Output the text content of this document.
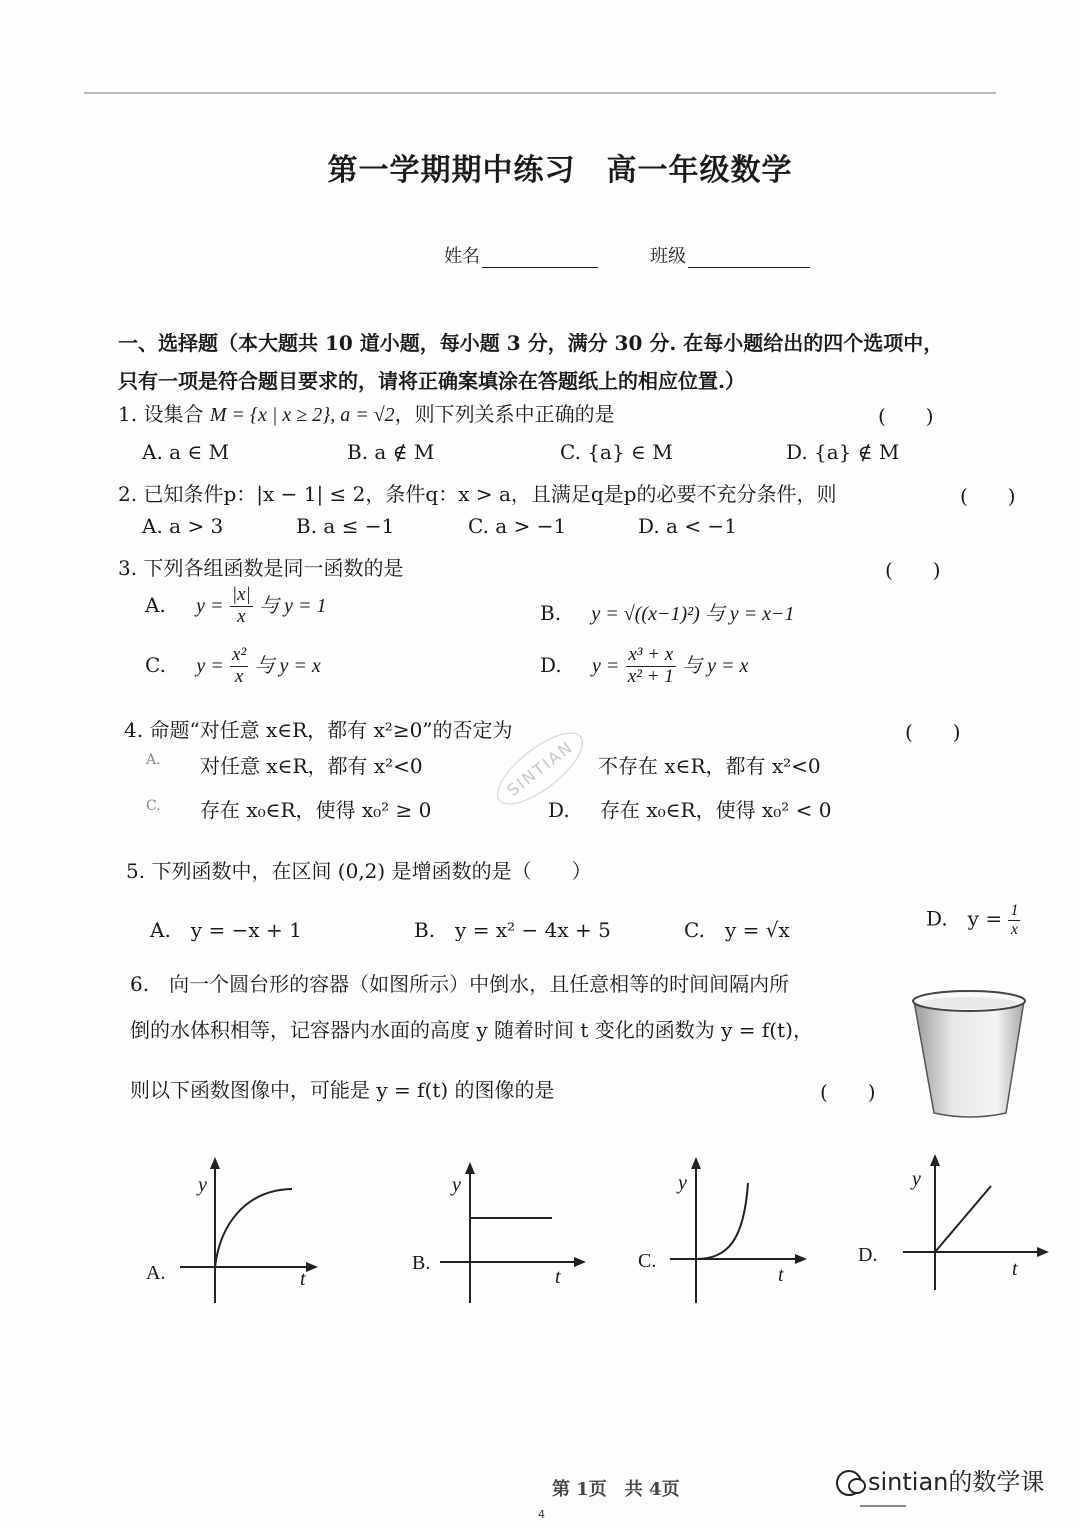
第一学期期中练习　高一年级数学
姓名	班级
一、选择题（本大题共 10 道小题，每小题 3 分，满分 30 分. 在每小题给出的四个选项中，
只有一项是符合题目要求的，请将正确案填涂在答题纸上的相应位置.）
1. 设集合 M = {x | x ≥ 2}, a = √2，则下列关系中正确的是	(　　)
A. a ∈ M	B. a ∉ M	C. {a} ∈ M	D. {a} ∉ M
2. 已知条件p：|x − 1| ≤ 2，条件q：x > a，且满足q是p的必要不充分条件，则	(　　)
A. a > 3	B. a ≤ −1	C. a > −1	D. a < −1
3. 下列各组函数是同一函数的是	(　　)
A. $y = \frac{|x|}{x}$ 与 y = 1	B. y = √((x−1)²) 与 y = x−1
C. $y = \frac{\text{x²}}{x}$ 与 y = x	D. $y = \frac{\text{x³ + x}}{\text{x² + 1}}$ 与 y = x
4. 命题“对任意 x∈R，都有 x²≥0”的否定为	(　　)
A. 对任意 x∈R，都有 x²<0	不存在 x∈R，都有 x²<0
C. 存在 x₀∈R，使得 x₀² ≥ 0	D. 存在 x₀∈R，使得 x₀² < 0
SINTIAN
5. 下列函数中，在区间 (0,2) 是增函数的是（　　）
A.　y = −x + 1	B.　y = x² − 4x + 5	C.　y = √x	D.　$y = \frac{1}{x}$
6.　向一个圆台形的容器（如图所示）中倒水，且任意相等的时间间隔内所
倒的水体积相等，记容器内水面的高度 y 随着时间 t 变化的函数为 y = f(t)，
则以下函数图像中，可能是 y = f(t) 的图像的是	(　　)
A.
y
t
B.
y
t
C.
y
t
D.
y
t
第 1页　共 4页
4
sintian的数学课
